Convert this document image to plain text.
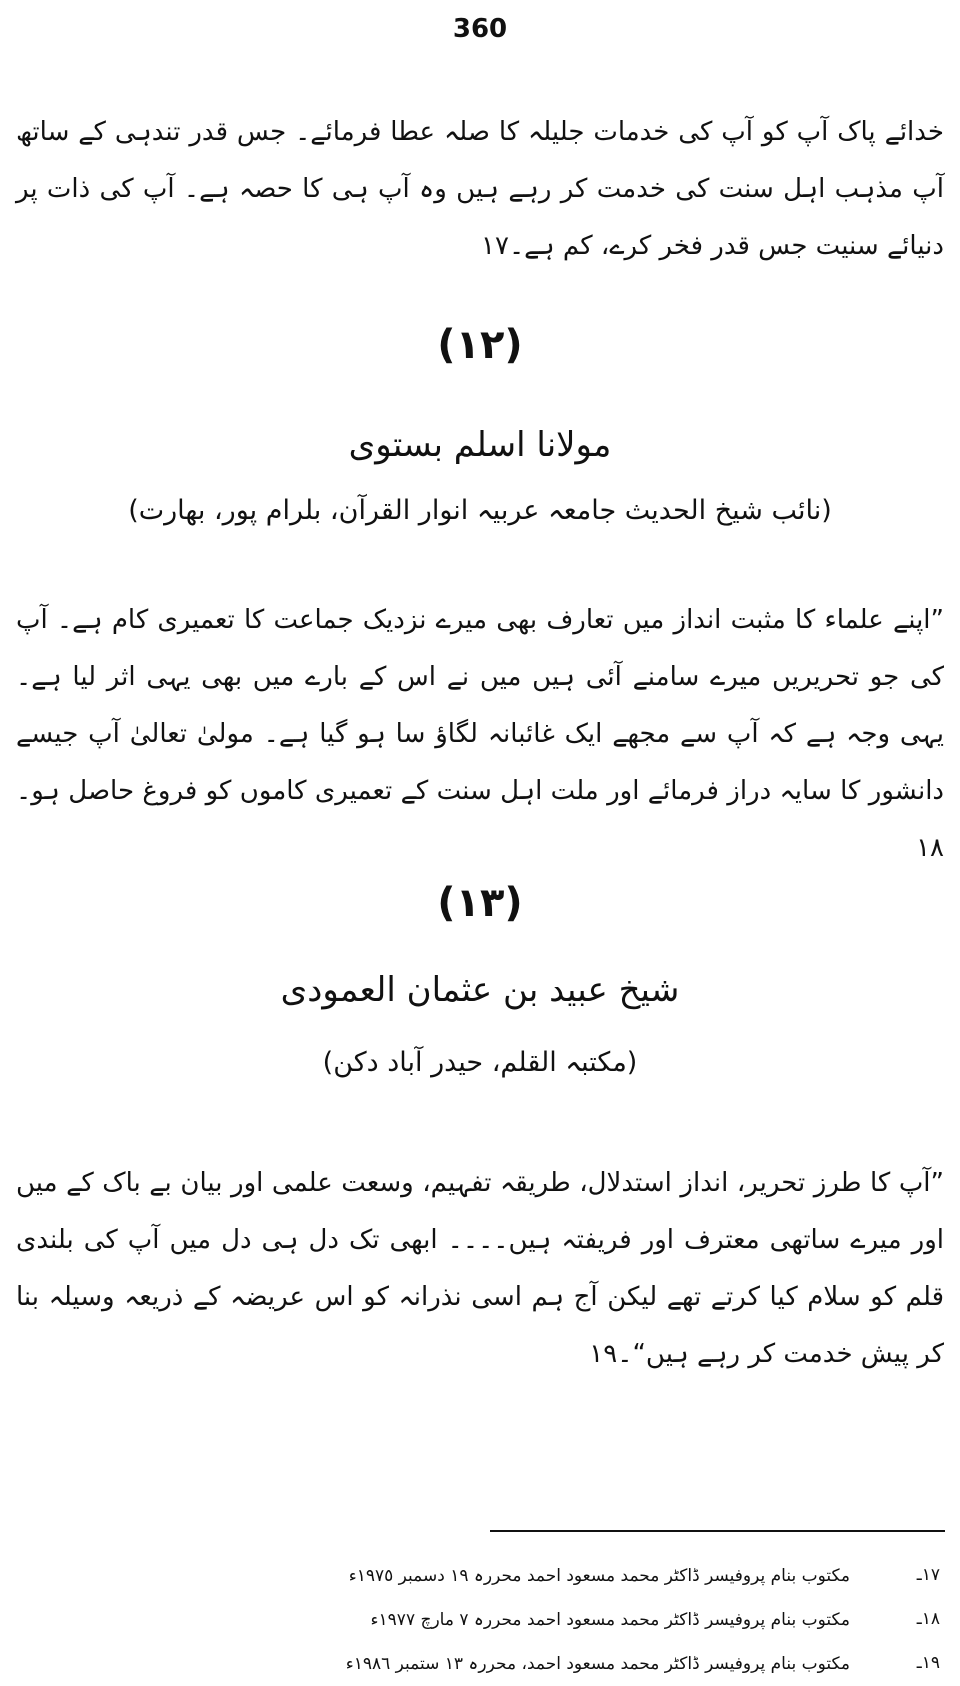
360
خدائے پاک آپ کو آپ کی خدمات جلیلہ کا صلہ عطا فرمائے۔ جس قدر تندہی کے ساتھ آپ مذہب اہل سنت کی خدمت کر رہے ہیں وہ آپ ہی کا حصہ ہے۔ آپ کی ذات پر دنیائے سنیت جس قدر فخر کرے، کم ہے۔١٧
(١٢)
مولانا اسلم بستوی
(نائب شیخ الحدیث جامعہ عربیہ انوار القرآن، بلرام پور، بھارت)
”اپنے علماء کا مثبت انداز میں تعارف بھی میرے نزدیک جماعت کا تعمیری کام ہے۔ آپ کی جو تحریریں میرے سامنے آئی ہیں میں نے اس کے بارے میں بھی یہی اثر لیا ہے۔ یہی وجہ ہے کہ آپ سے مجھے ایک غائبانہ لگاؤ سا ہو گیا ہے۔ مولیٰ تعالیٰ آپ جیسے دانشور کا سایہ دراز فرمائے اور ملت اہل سنت کے تعمیری کاموں کو فروغ حاصل ہو۔١٨
(١٣)
شیخ عبید بن عثمان العمودی
(مکتبہ القلم، حیدر آباد دکن)
”آپ کا طرز تحریر، انداز استدلال، طریقہ تفہیم، وسعت علمی اور بیان بے باک کے میں اور میرے ساتھی معترف اور فریفتہ ہیں۔۔۔۔ ابھی تک دل ہی دل میں آپ کی بلندی قلم کو سلام کیا کرتے تھے لیکن آج ہم اسی نذرانہ کو اس عریضہ کے ذریعہ وسیلہ بنا کر پیش خدمت کر رہے ہیں“۔١٩
١٧ـ
مکتوب بنام پروفیسر ڈاکٹر محمد مسعود احمد محررہ ١٩ دسمبر ١٩٧٥ء
١٨ـ
مکتوب بنام پروفیسر ڈاکٹر محمد مسعود احمد محررہ ٧ مارچ ١٩٧٧ء
١٩ـ
مکتوب بنام پروفیسر ڈاکٹر محمد مسعود احمد، محررہ ١٣ ستمبر ١٩٨٦ء
